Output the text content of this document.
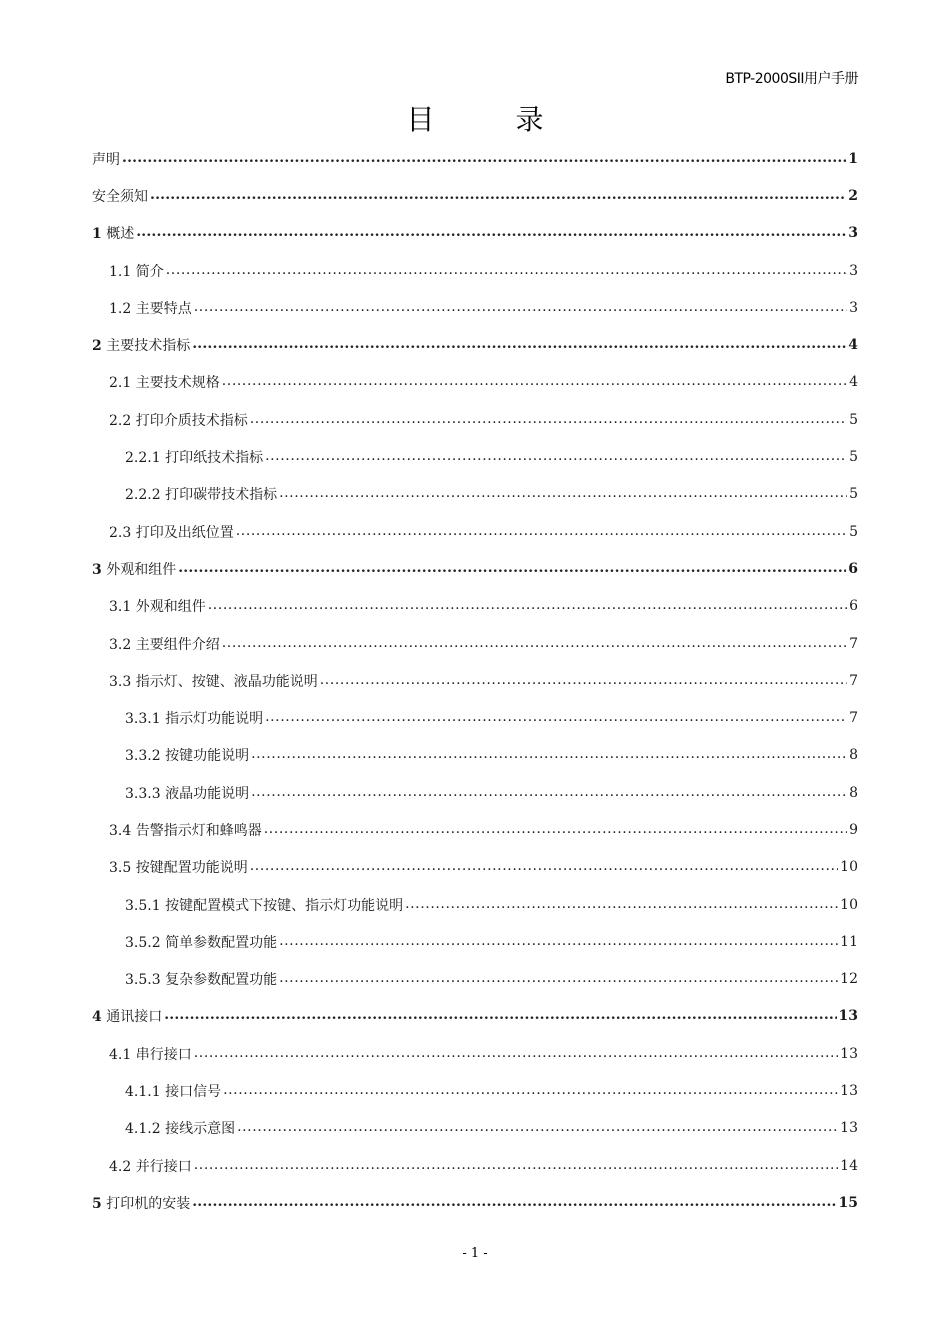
BTP-2000SII用户手册
目 录
声明 .....	1
安全须知 .....	2
1 概述 .....	3
1.1 简介 .....	3
1.2 主要特点 .....	3
2 主要技术指标 .....	4
2.1 主要技术规格 .....	4
2.2 打印介质技术指标 .....	5
2.2.1 打印纸技术指标 .....	5
2.2.2 打印碳带技术指标 .....	5
2.3 打印及出纸位置 .....	5
3 外观和组件 .....	6
3.1 外观和组件 .....	6
3.2 主要组件介绍 .....	7
3.3 指示灯、按键、液晶功能说明 .....	7
3.3.1 指示灯功能说明 .....	7
3.3.2 按键功能说明 .....	8
3.3.3 液晶功能说明 .....	8
3.4 告警指示灯和蜂鸣器 .....	9
3.5 按键配置功能说明 .....	10
3.5.1 按键配置模式下按键、指示灯功能说明 .....	10
3.5.2 简单参数配置功能 .....	11
3.5.3 复杂参数配置功能 .....	12
4 通讯接口 .....	13
4.1 串行接口 .....	13
4.1.1 接口信号 .....	13
4.1.2 接线示意图 .....	13
4.2 并行接口 .....	14
5 打印机的安装 .....	15
- 1 -
